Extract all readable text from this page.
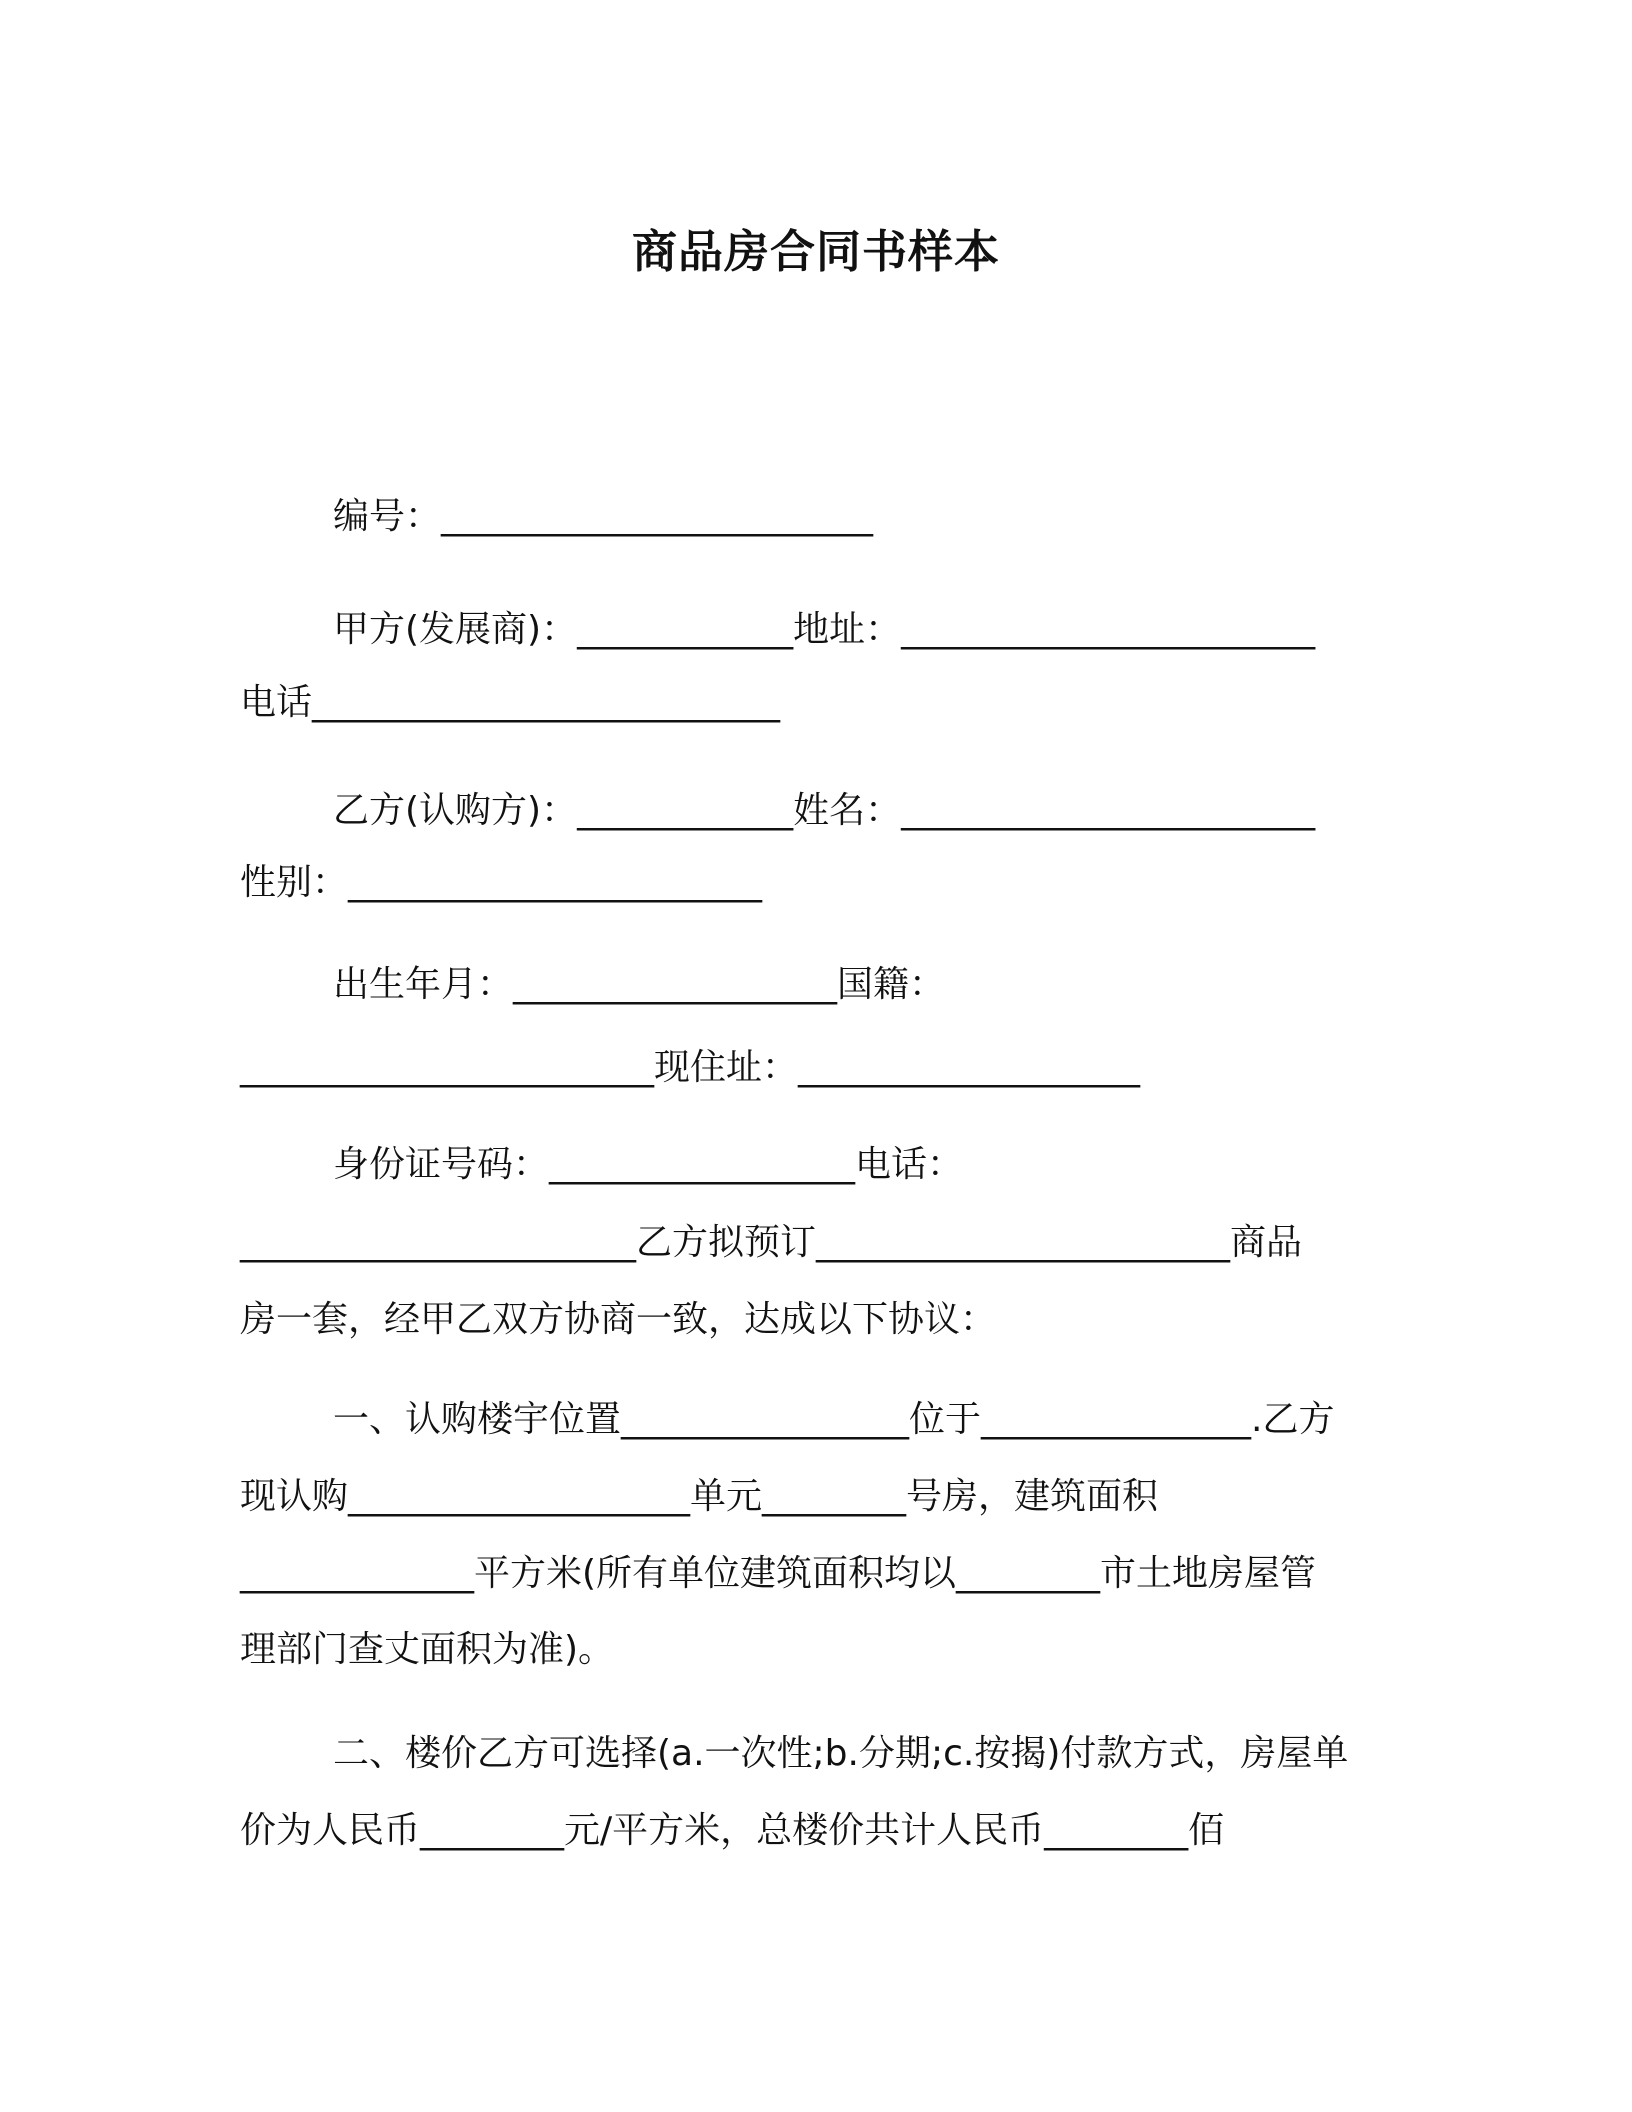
商品房合同书样本
编号：________________________
甲方(发展商)：____________地址：_______________________
电话__________________________
乙方(认购方)：____________姓名：_______________________
性别：_______________________
出生年月：__________________国籍：
_______________________现住址：___________________
身份证号码：_________________电话：
______________________乙方拟预订_______________________商品
房一套，经甲乙双方协商一致，达成以下协议：
一、认购楼宇位置________________位于_______________.乙方
现认购___________________单元________号房，建筑面积
_____________平方米(所有单位建筑面积均以________市土地房屋管
理部门查丈面积为准)。
二、楼价乙方可选择(a.一次性;b.分期;c.按揭)付款方式，房屋单
价为人民币________元/平方米，总楼价共计人民币________佰
